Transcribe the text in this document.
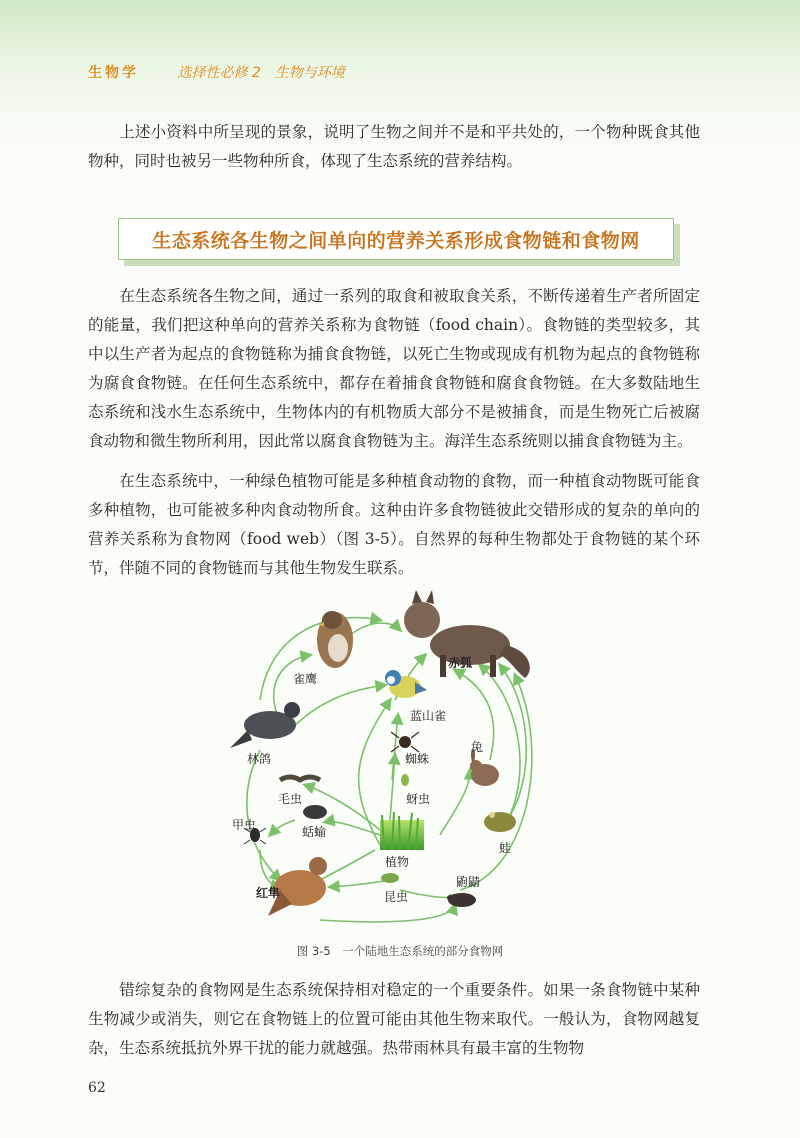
生物学	选择性必修 2　生物与环境

上述小资料中所呈现的景象，说明了生物之间并不是和平共处的，一个物种既食其他物种，同时也被另一些物种所食，体现了生态系统的营养结构。

生态系统各生物之间单向的营养关系形成食物链和食物网

在生态系统各生物之间，通过一系列的取食和被取食关系，不断传递着生产者所固定的能量，我们把这种单向的营养关系称为食物链（food chain）。食物链的类型较多，其中以生产者为起点的食物链称为捕食食物链，以死亡生物或现成有机物为起点的食物链称为腐食食物链。在任何生态系统中，都存在着捕食食物链和腐食食物链。在大多数陆地生态系统和浅水生态系统中，生物体内的有机物质大部分不是被捕食，而是生物死亡后被腐食动物和微生物所利用，因此常以腐食食物链为主。海洋生态系统则以捕食食物链为主。

在生态系统中，一种绿色植物可能是多种植食动物的食物，而一种植食动物既可能食多种植物，也可能被多种肉食动物所食。这种由许多食物链彼此交错形成的复杂的单向的营养关系称为食物网（food web）（图 3-5）。自然界的每种生物都处于食物链的某个环节，伴随不同的食物链而与其他生物发生联系。

雀鹰
赤狐
蓝山雀
林鸽	蜘蛛
兔
毛虫	蚜虫
甲虫	蛞蝓
蛙
植物
红隼	昆虫
鼩鼱
图 3-5　一个陆地生态系统的部分食物网

错综复杂的食物网是生态系统保持相对稳定的一个重要条件。如果一条食物链中某种生物减少或消失，则它在食物链上的位置可能由其他生物来取代。一般认为，食物网越复杂，生态系统抵抗外界干扰的能力就越强。热带雨林具有最丰富的生物物

62
